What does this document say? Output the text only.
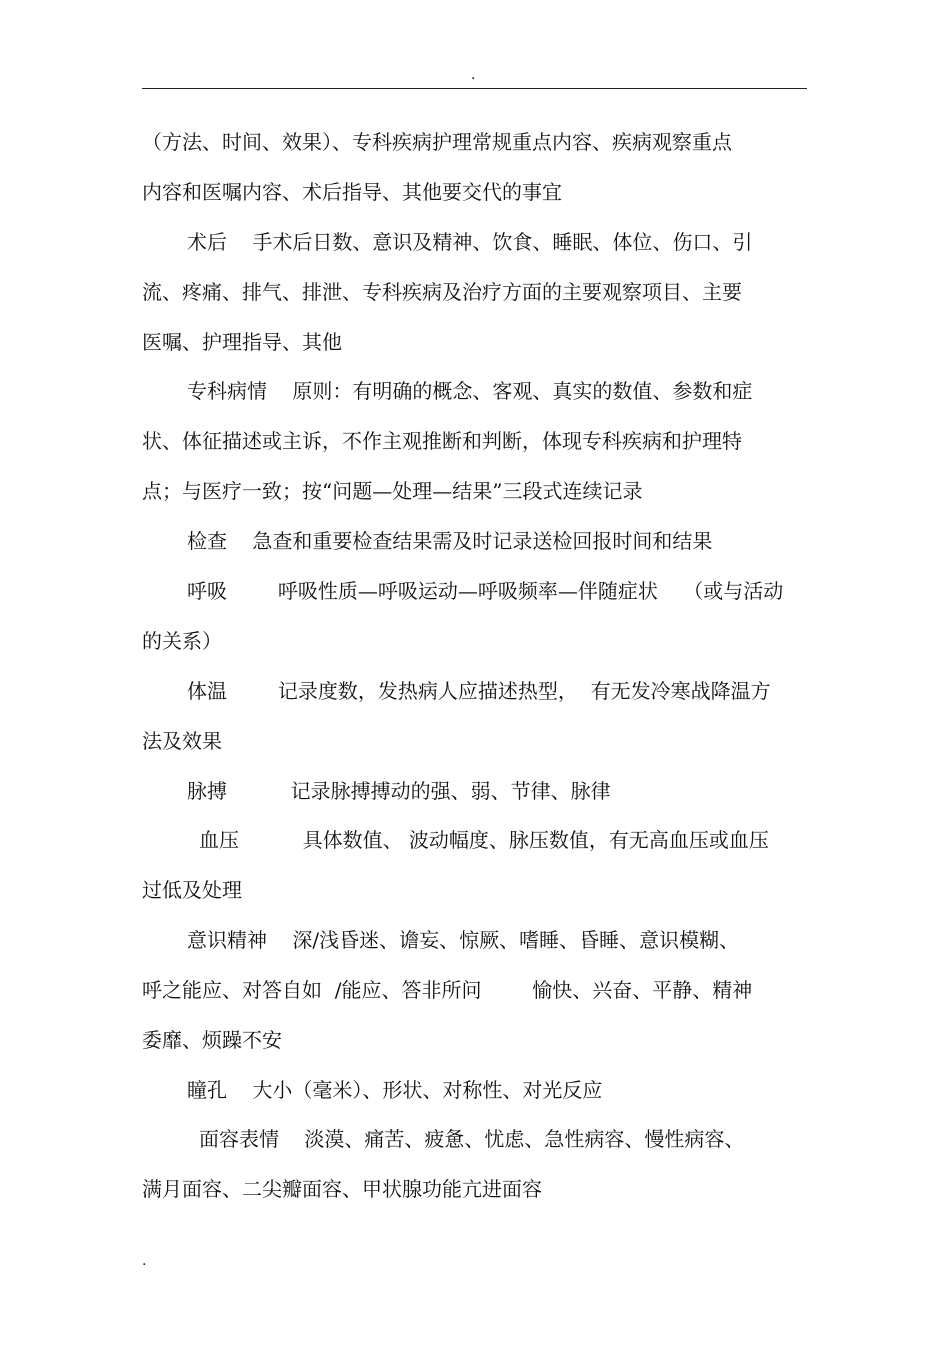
.
（方法、时间、效果）、专科疾病护理常规重点内容、疾病观察重点
内容和医嘱内容、术后指导、其他要交代的事宜
术后    手术后日数、意识及精神、饮食、睡眠、体位、伤口、引
流、疼痛、排气、排泄、专科疾病及治疗方面的主要观察项目、主要
医嘱、护理指导、其他
专科病情    原则：有明确的概念、客观、真实的数值、参数和症
状、体征描述或主诉，不作主观推断和判断，体现专科疾病和护理特
点；与医疗一致；按“问题—处理—结果”三段式连续记录
检查    急查和重要检查结果需及时记录送检回报时间和结果
呼吸        呼吸性质—呼吸运动—呼吸频率—伴随症状    （或与活动
的关系）
体温        记录度数，发热病人应描述热型，  有无发冷寒战降温方
法及效果
脉搏          记录脉搏搏动的强、弱、节律、脉律
血压          具体数值、 波动幅度、脉压数值，有无高血压或血压
过低及处理
意识精神    深/浅昏迷、谵妄、惊厥、嗜睡、昏睡、意识模糊、
呼之能应、对答自如  /能应、答非所问        愉快、兴奋、平静、精神
委靡、烦躁不安
瞳孔    大小（毫米）、形状、对称性、对光反应
面容表情    淡漠、痛苦、疲惫、忧虑、急性病容、慢性病容、
满月面容、二尖瓣面容、甲状腺功能亢进面容
.
